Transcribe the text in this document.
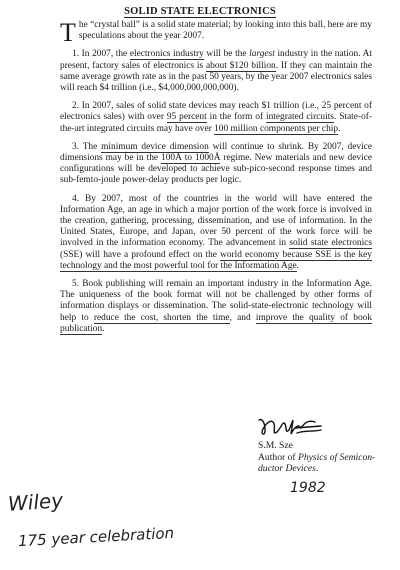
SOLID STATE ELECTRONICS

The “crystal ball” is a solid state material; by looking into this ball, here are my speculations about the year 2007.

1. In 2007, the electronics industry will be the largest industry in the nation. At present, factory sales of electronics is about $120 billion. If they can maintain the same average growth rate as in the past 50 years, by the year 2007 electronics sales will reach $4 trillion (i.e., $4,000,000,000,000).

2. In 2007, sales of solid state devices may reach $1 trillion (i.e., 25 percent of electronics sales) with over 95 percent in the form of integrated circuits. State-of-the-art integrated circuits may have over 100 million components per chip.

3. The minimum device dimension will continue to shrink. By 2007, device dimensions may be in the 100Å to 1000Å regime. New materials and new device configurations will be developed to achieve sub-pico-second response times and sub-femto-joule power-delay products per logic.

4. By 2007, most of the countries in the world will have entered the Information Age, an age in which a major portion of the work force is involved in the creation, gathering, processing, dissemination, and use of information. In the United States, Europe, and Japan, over 50 percent of the work force will be involved in the information economy. The advancement in solid state electronics (SSE) will have a profound effect on the world economy because SSE is the key technology and the most powerful tool for the Information Age.

5. Book publishing will remain an important industry in the Information Age. The uniqueness of the book format will not be challenged by other forms of information displays or dissemination. The solid-state-electronic technology will help to reduce the cost, shorten the time, and improve the quality of book publication.

S.M. Sze
Author of Physics of Semicon-
ductor Devices.
1982
Wiley
175 year celebration
